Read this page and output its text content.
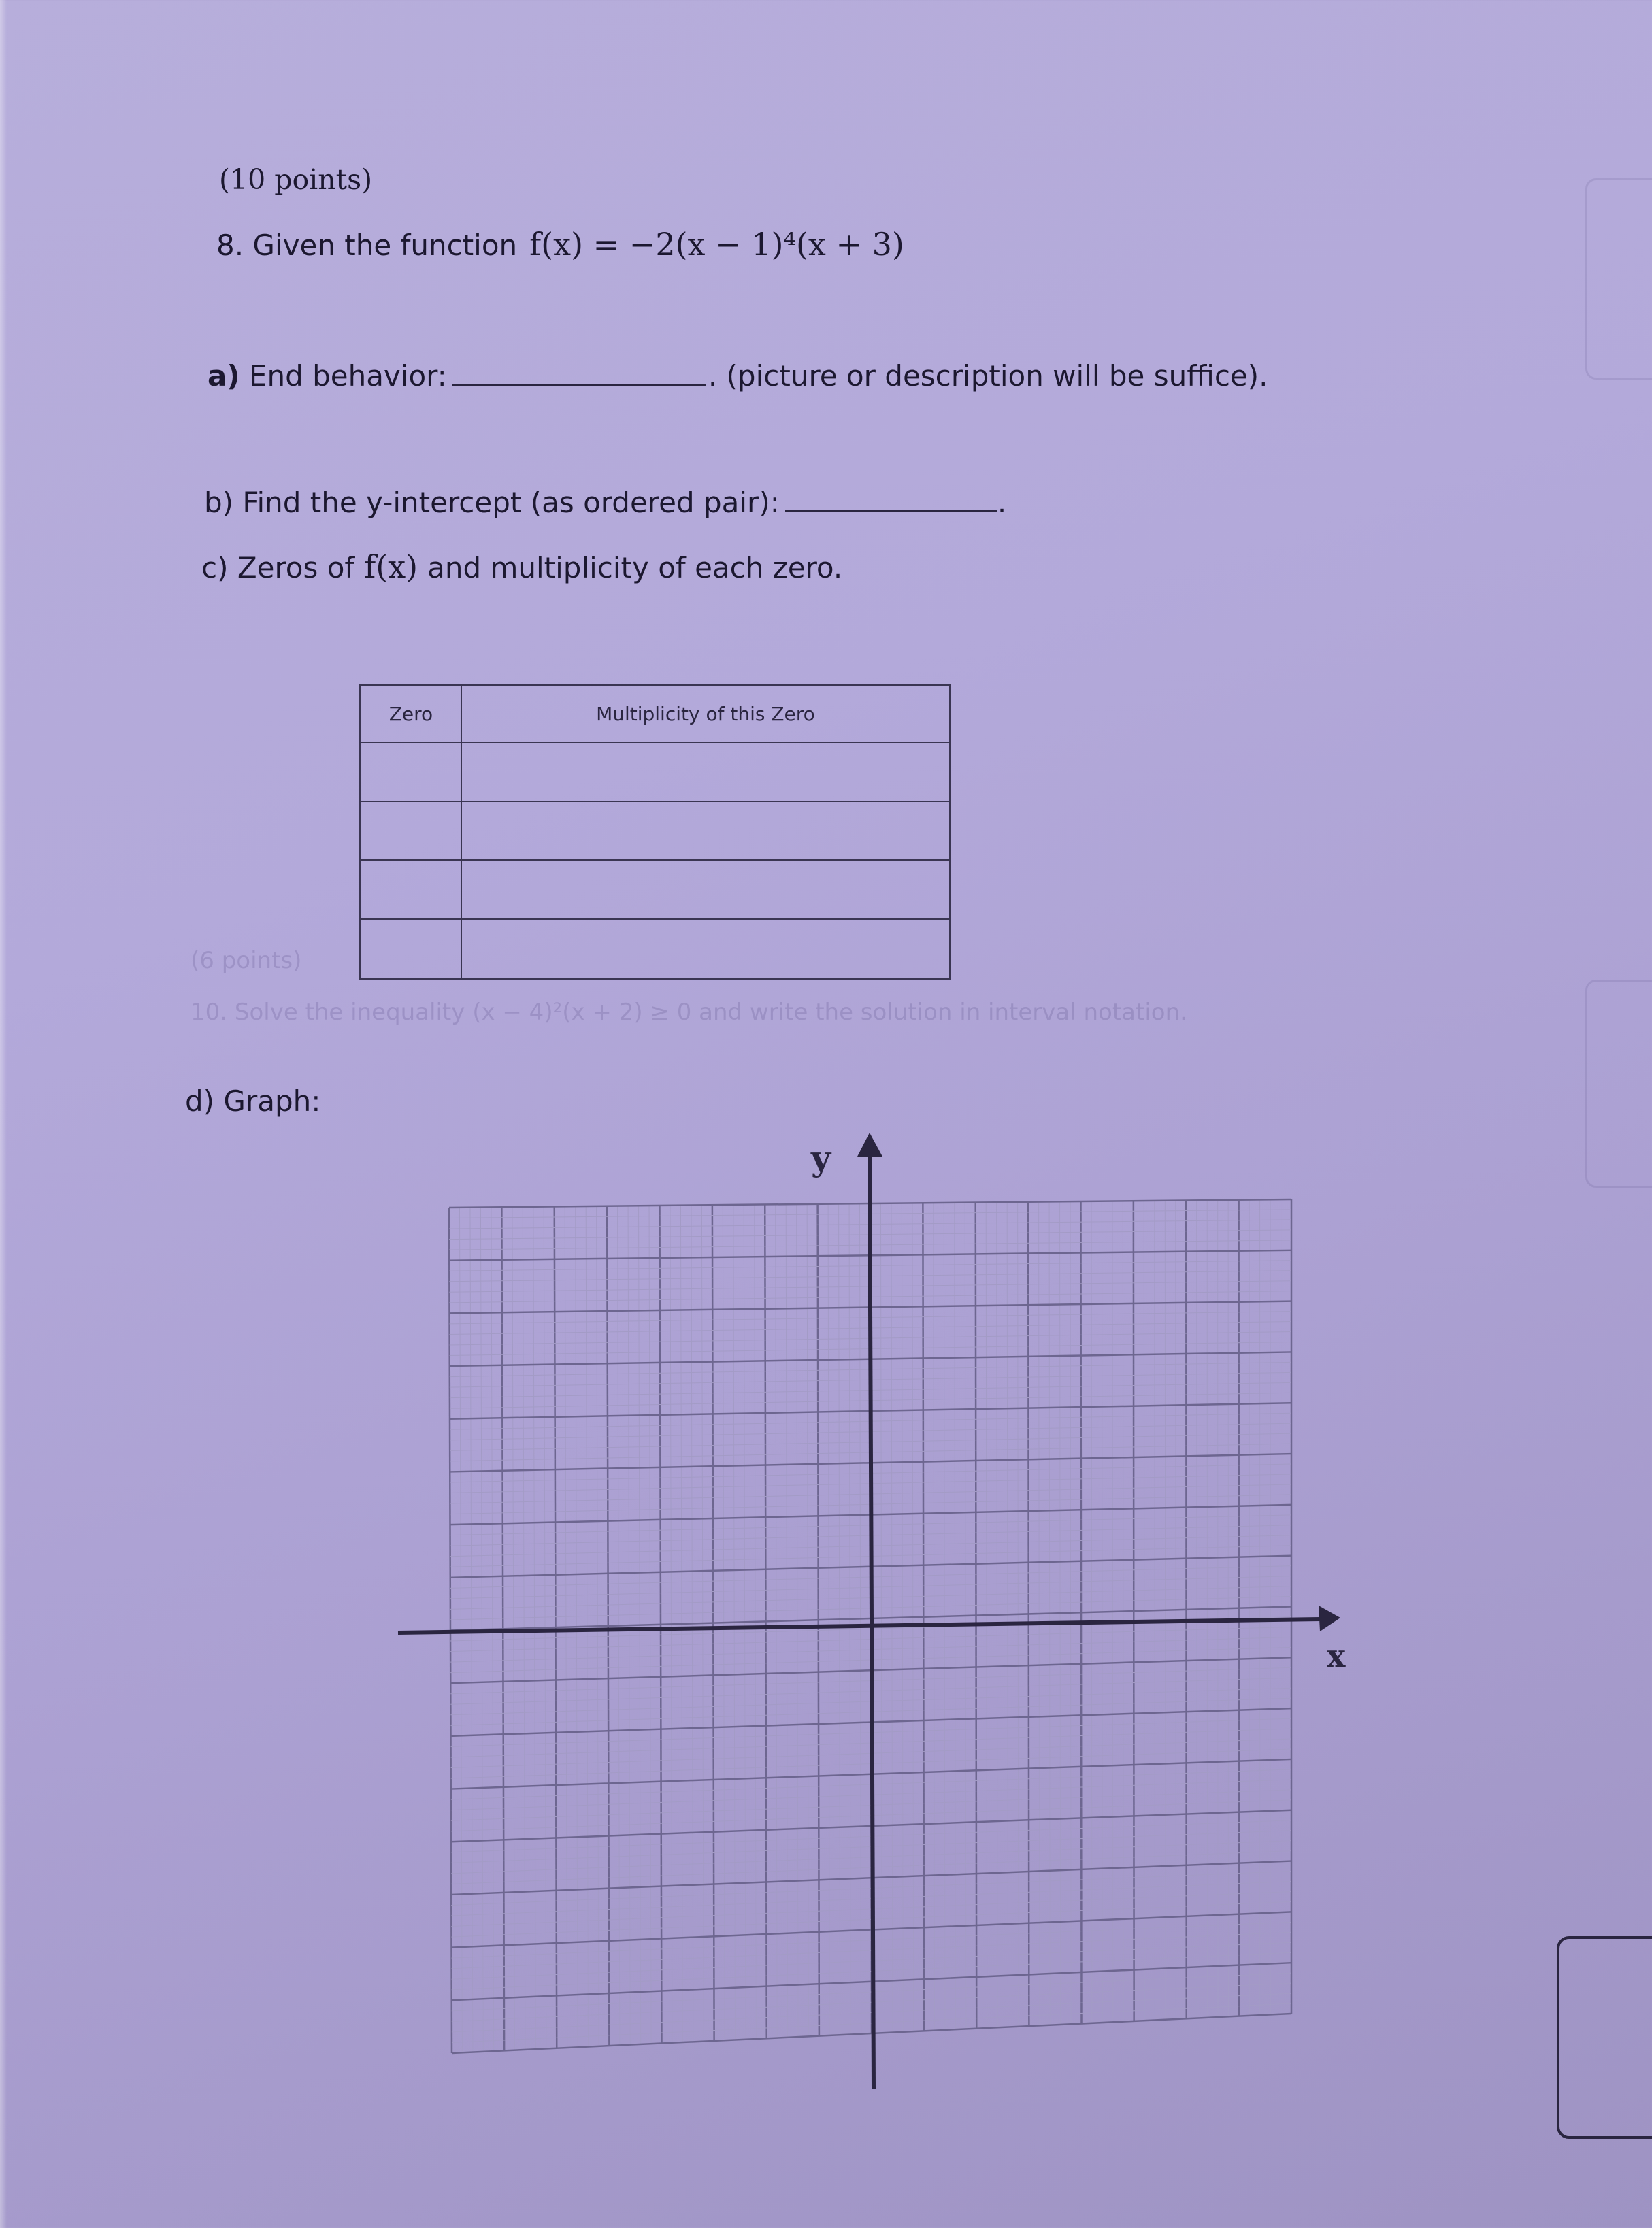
(10 points)
8. Given the function f(x) = −2(x − 1)⁴(x + 3)
a) End behavior:	. (picture or description will be suffice).
b) Find the y-intercept (as ordered pair):	.
c) Zeros of f(x) and multiplicity of each zero.
Zero	Multiplicity of this Zero

(6 points)
10. Solve the inequality (x − 4)²(x + 2) ≥ 0 and write the solution in interval notation.
d) Graph:
x
y
